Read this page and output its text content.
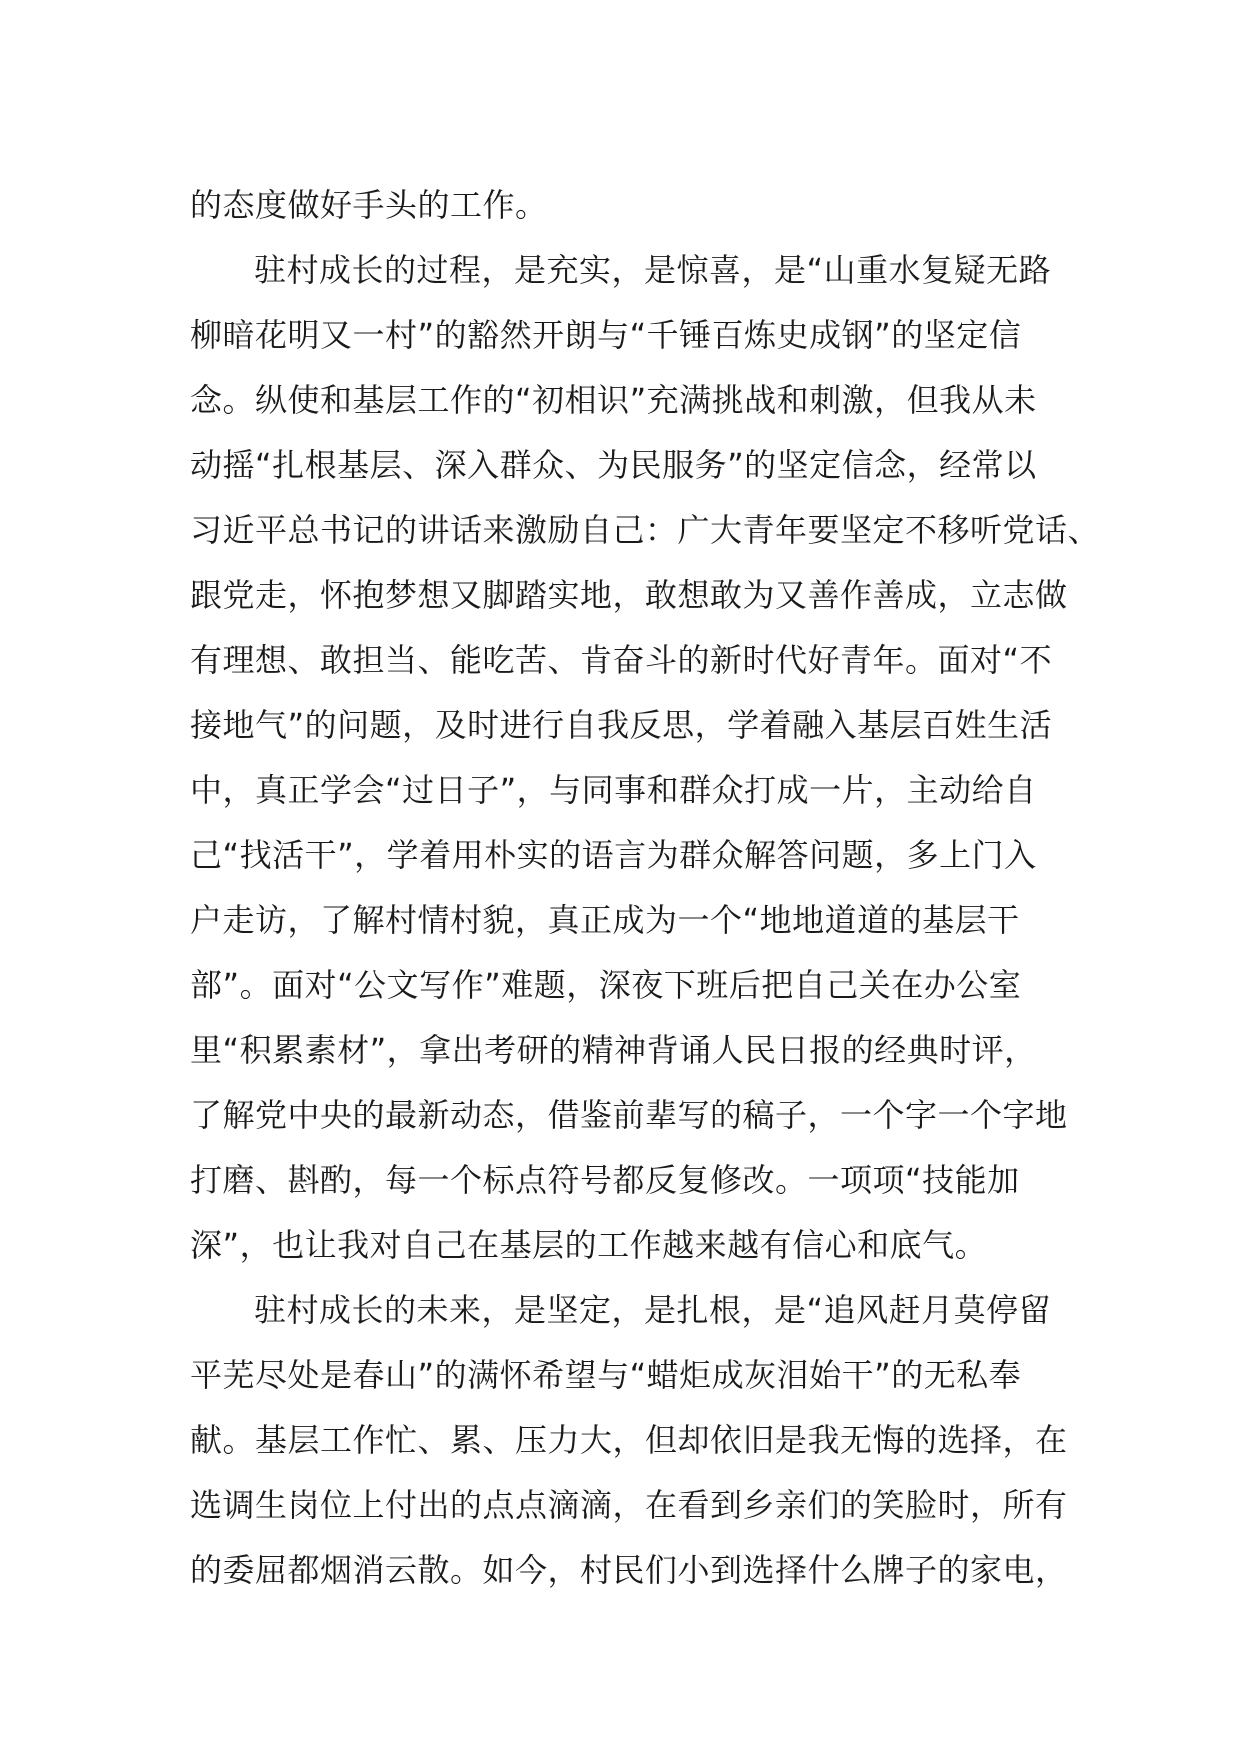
的态度做好手头的工作。
驻村成长的过程，是充实，是惊喜，是“山重水复疑无路
柳暗花明又一村”的豁然开朗与“千锤百炼史成钢”的坚定信
念。纵使和基层工作的“初相识”充满挑战和刺激，但我从未
动摇“扎根基层、深入群众、为民服务”的坚定信念，经常以
习近平总书记的讲话来激励自己：广大青年要坚定不移听党话、
跟党走，怀抱梦想又脚踏实地，敢想敢为又善作善成，立志做
有理想、敢担当、能吃苦、肯奋斗的新时代好青年。面对“不
接地气”的问题，及时进行自我反思，学着融入基层百姓生活
中，真正学会“过日子”，与同事和群众打成一片，主动给自
己“找活干”，学着用朴实的语言为群众解答问题，多上门入
户走访，了解村情村貌，真正成为一个“地地道道的基层干
部”。面对“公文写作”难题，深夜下班后把自己关在办公室
里“积累素材”，拿出考研的精神背诵人民日报的经典时评，
了解党中央的最新动态，借鉴前辈写的稿子，一个字一个字地
打磨、斟酌，每一个标点符号都反复修改。一项项“技能加
深”，也让我对自己在基层的工作越来越有信心和底气。
驻村成长的未来，是坚定，是扎根，是“追风赶月莫停留
平芜尽处是春山”的满怀希望与“蜡炬成灰泪始干”的无私奉
献。基层工作忙、累、压力大，但却依旧是我无悔的选择，在
选调生岗位上付出的点点滴滴，在看到乡亲们的笑脸时，所有
的委屈都烟消云散。如今，村民们小到选择什么牌子的家电，
